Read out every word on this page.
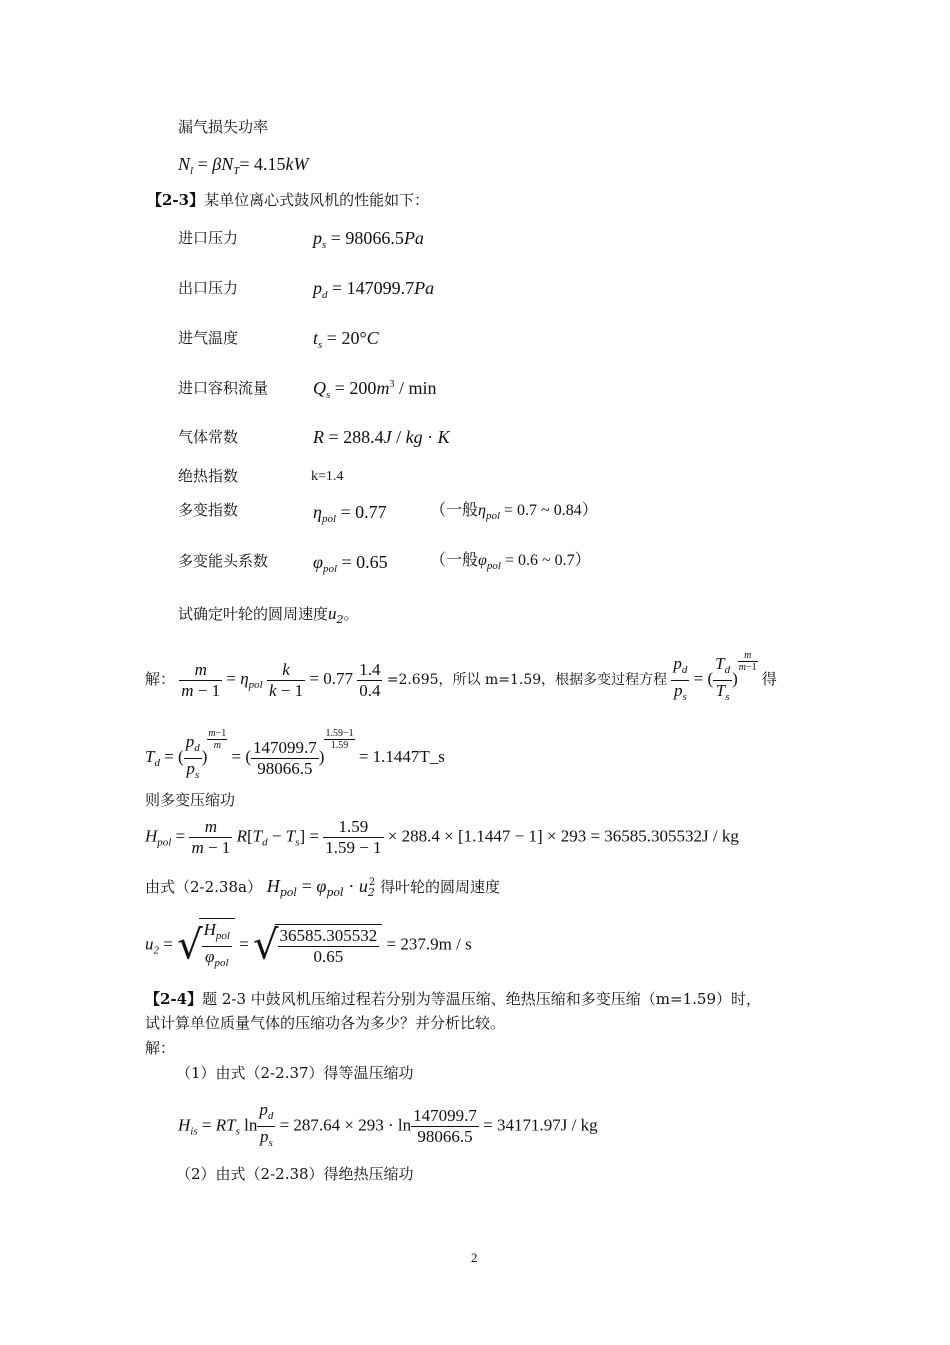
漏气损失功率
$N_l = \beta N_T= 4.15kW$
【2-3】某单位离心式鼓风机的性能如下：
进口压力	$p_s = 98066.5Pa$
出口压力	$p_d = 147099.7Pa$
进气温度	$t_s = 20^\circ C$
进口容积流量 $Q_s = 200m^3 / \min$
气体常数	R = 288.4J / kg · K
绝热指数	k=1.4
多变指数	$\eta_{pol} = 0.77$	（一般$\eta_{pol} = 0.7$ ~ 0.84）
多变能头系数 $\varphi_{pol} = 0.65$	（一般$\varphi_{pol} = 0.6$ ~ 0.7）
试确定叶轮的圆周速度$u_2$。
解： $\frac{m}{m - 1} = \eta_{pol} \frac{k}{k - 1} = 0.77 \frac{1.4}{0.4} =2.695$，所以 m=1.59，根据多变过程方程 $\frac{p_d}{p_s}$ = ( $\frac{T_d}{T_s}$ )
$\frac{m}{m-1}$
得
$T_d$ = ( $\frac{p_d}{p_s}$ )
$\frac{m-1}{m}$
= ( $\frac{147099.7}{98066.5}$ )
$\frac{1.59-1}{1.59}$
= 1.1447T_s
则多变压缩功
$H_{pol} = \frac{m}{m - 1} R[T_d - T_s] = \frac{1.59}{1.59 - 1} \times 288.4 \times [1.1447 - 1] \times 293 = 36585.305532J$ / kg
由式（2-2.38a） $H_{pol} = \varphi_{pol} \cdot u_2^2$ 得叶轮的圆周速度
$u_2$ = √ $\frac{H_{pol}}{\varphi_{pol}}$ = √ $\frac{36585.305532}{0.65} = 237.9m / s$
【2-4】题 2-3 中鼓风机压缩过程若分别为等温压缩、绝热压缩和多变压缩（m=1.59）时，
试计算单位质量气体的压缩功各为多少？并分析比较。
解：
（1）由式（2-2.37）得等温压缩功
$H_{is} = RT_s$ $\ln \frac{p_d}{p_s} = 287.64 \times 293 \cdot \ln \frac{147099.7}{98066.5} = 34171.97J$ / kg
（2）由式（2-2.38）得绝热压缩功
2
